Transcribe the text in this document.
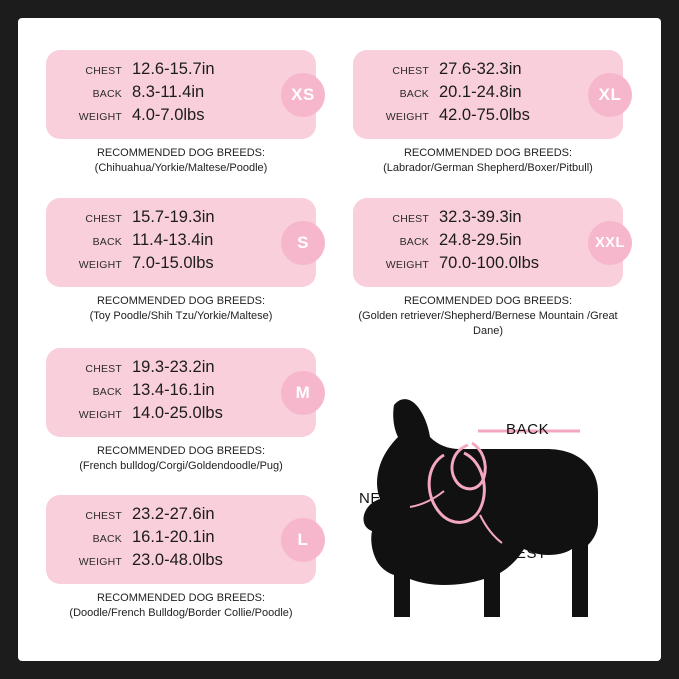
CHEST 12.6-15.7in
BACK 8.3-11.4in
WEIGHT 4.0-7.0lbs
XS
RECOMMENDED DOG BREEDS:
(Chihuahua/Yorkie/Maltese/Poodle)
CHEST 15.7-19.3in
BACK 11.4-13.4in
WEIGHT 7.0-15.0lbs
S
RECOMMENDED DOG BREEDS:
(Toy Poodle/Shih Tzu/Yorkie/Maltese)
CHEST 19.3-23.2in
BACK 13.4-16.1in
WEIGHT 14.0-25.0lbs
M
RECOMMENDED DOG BREEDS:
(French bulldog/Corgi/Goldendoodle/Pug)
CHEST 23.2-27.6in
BACK 16.1-20.1in
WEIGHT 23.0-48.0lbs
L
RECOMMENDED DOG BREEDS:
(Doodle/French Bulldog/Border Collie/Poodle)
CHEST 27.6-32.3in
BACK 20.1-24.8in
WEIGHT 42.0-75.0lbs
XL
RECOMMENDED DOG BREEDS:
(Labrador/German Shepherd/Boxer/Pitbull)
CHEST 32.3-39.3in
BACK 24.8-29.5in
WEIGHT 70.0-100.0lbs
XXL
RECOMMENDED DOG BREEDS:
(Golden retriever/Shepherd/Bernese Mountain /Great Dane)
BACK
NECK
CHEST
